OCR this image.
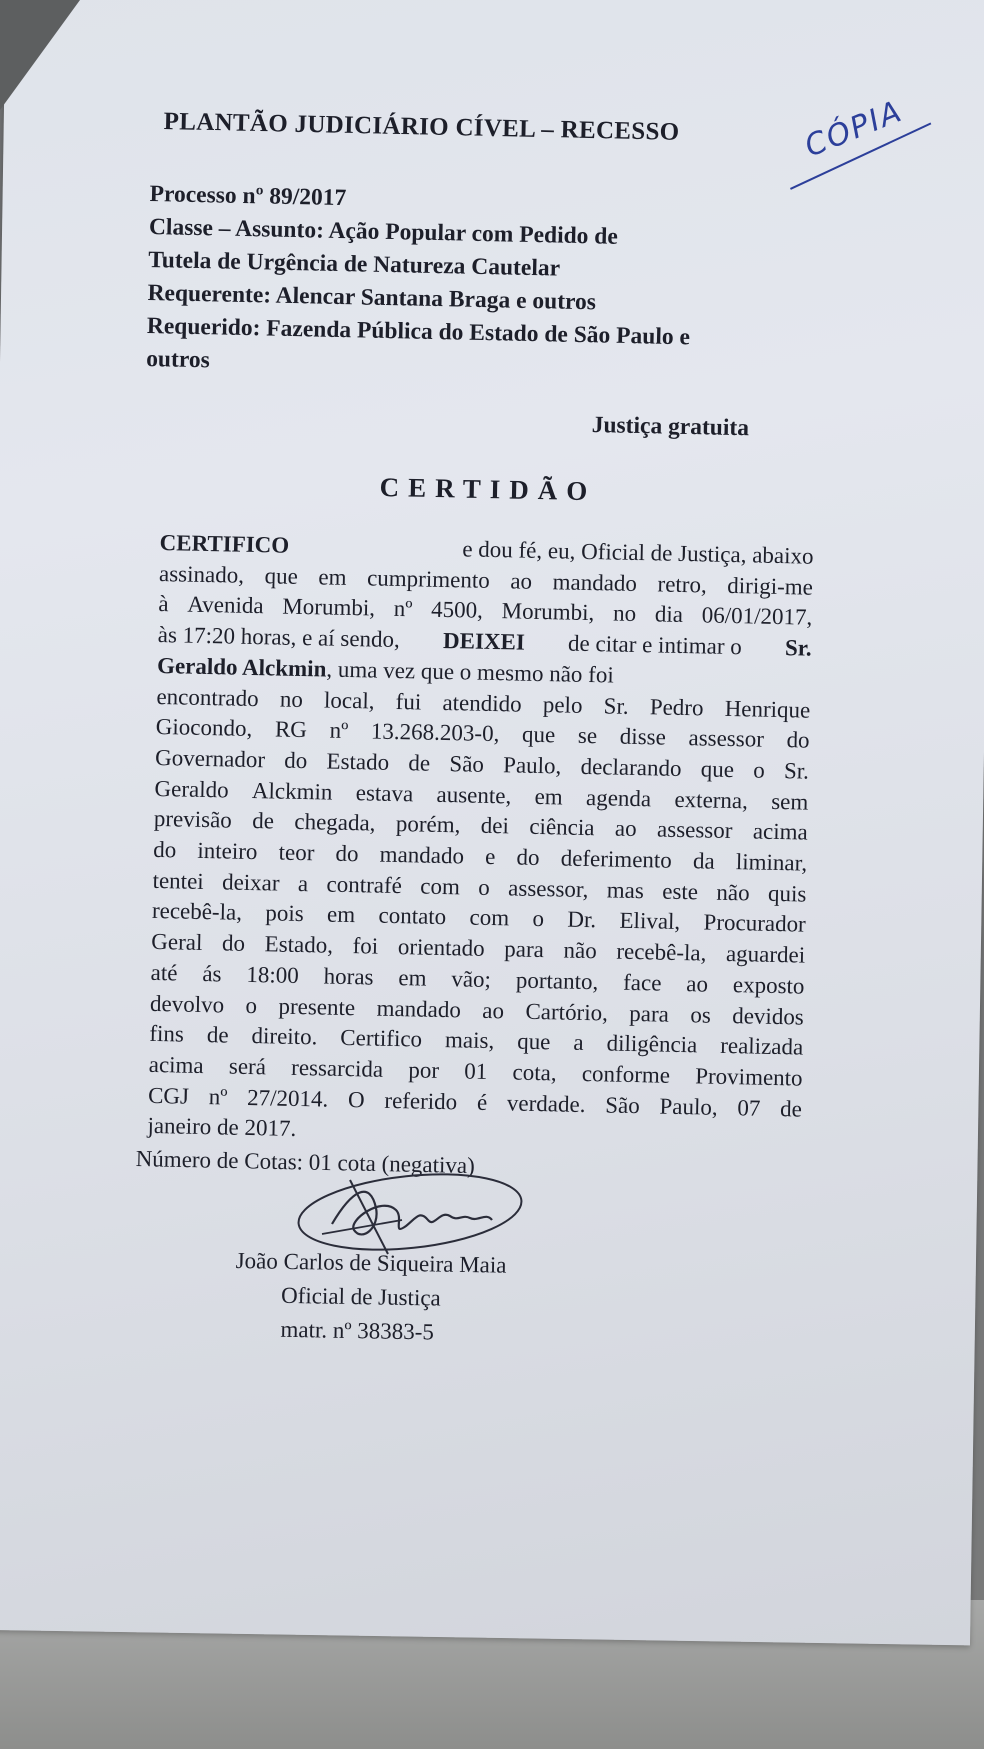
PLANTÃO JUDICIÁRIO CÍVEL – RECESSO	CÓPIA
Processo nº 89/2017
Classe – Assunto: Ação Popular com Pedido de
Tutela de Urgência de Natureza Cautelar
Requerente: Alencar Santana Braga e outros
Requerido: Fazenda Pública do Estado de São Paulo e
outros
Justiça gratuita
CERTIDÃO
CERTIFICO	e dou fé, eu, Oficial de Justiça, abaixo
assinado, que em cumprimento ao mandado retro, dirigi-me
à Avenida Morumbi, nº 4500, Morumbi, no dia 06/01/2017,
às 17:20 horas, e aí sendo, DEIXEI de citar e intimar o Sr.
Geraldo Alckmin, uma vez que o mesmo não foi
encontrado no local, fui atendido pelo Sr. Pedro Henrique
Giocondo, RG nº 13.268.203-0, que se disse assessor do
Governador do Estado de São Paulo, declarando que o Sr.
Geraldo Alckmin estava ausente, em agenda externa, sem
previsão de chegada, porém, dei ciência ao assessor acima
do inteiro teor do mandado e do deferimento da liminar,
tentei deixar a contrafé com o assessor, mas este não quis
recebê-la, pois em contato com o Dr. Elival, Procurador
Geral do Estado, foi orientado para não recebê-la, aguardei
até ás 18:00 horas em vão; portanto, face ao exposto
devolvo o presente mandado ao Cartório, para os devidos
fins de direito. Certifico mais, que a diligência realizada
acima será ressarcida por 01 cota, conforme Provimento
CGJ nº 27/2014. O referido é verdade. São Paulo, 07 de
janeiro de 2017.
Número de Cotas: 01 cota (negativa)
João Carlos de Siqueira Maia
Oficial de Justiça
matr. nº 38383-5
